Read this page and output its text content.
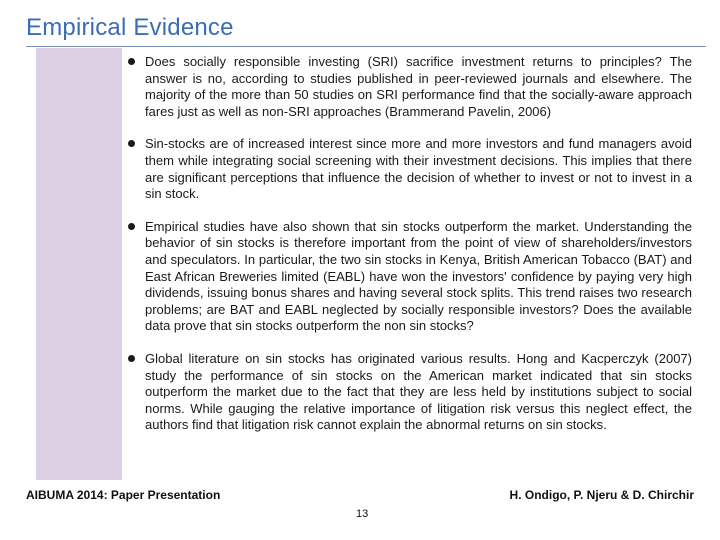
Empirical Evidence
Does socially responsible investing (SRI) sacrifice investment returns to principles? The answer is no, according to studies published in peer-reviewed journals and elsewhere. The majority of the more than 50 studies on SRI performance find that the socially-aware approach fares just as well as non-SRI approaches (Brammerand Pavelin, 2006)
Sin-stocks are of increased interest since more and more investors and fund managers avoid them while integrating social screening with their investment decisions. This implies that there are significant perceptions that influence the decision of whether to invest or not to invest in a sin stock.
Empirical studies have also shown that sin stocks outperform the market. Understanding the behavior of sin stocks is therefore important from the point of view of shareholders/investors and speculators. In particular, the two sin stocks in Kenya, British American Tobacco (BAT) and East African Breweries limited (EABL) have won the investors' confidence by paying very high dividends, issuing bonus shares and having several stock splits. This trend raises two research problems; are BAT and EABL neglected by socially responsible investors? Does the available data prove that sin stocks outperform the non sin stocks?
Global literature on sin stocks has originated various results. Hong and Kacperczyk (2007) study the performance of sin stocks on the American market indicated that sin stocks outperform the market due to the fact that they are less held by institutions subject to social norms. While gauging the relative importance of litigation risk versus this neglect effect, the authors find that litigation risk cannot explain the abnormal returns on sin stocks.
AIBUMA 2014: Paper Presentation	H. Ondigo, P. Njeru & D. Chirchir
13
